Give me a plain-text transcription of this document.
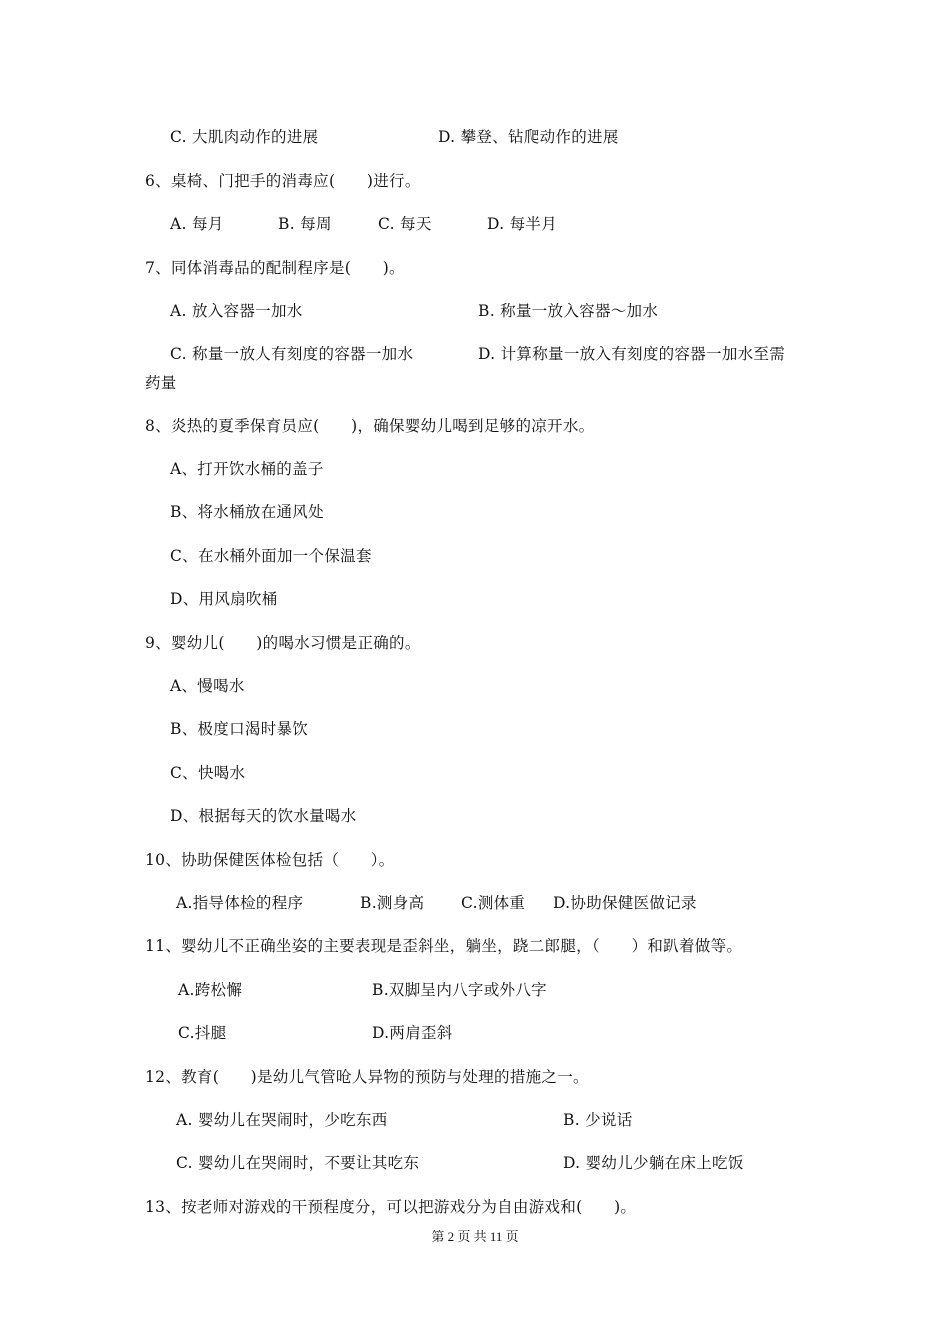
C. 大肌肉动作的进展	D. 攀登、钻爬动作的进展
6、桌椅、门把手的消毒应(　　)进行。
A. 每月	B. 每周	C. 每天	D. 每半月
7、同体消毒品的配制程序是(　　)。
A. 放入容器一加水	B. 称量一放入容器～加水
C. 称量一放人有刻度的容器一加水	D. 计算称量一放入有刻度的容器一加水至需
药量
8、炎热的夏季保育员应(　　)，确保婴幼儿喝到足够的凉开水。
A、打开饮水桶的盖子
B、将水桶放在通风处
C、在水桶外面加一个保温套
D、用风扇吹桶
9、婴幼儿(　　)的喝水习惯是正确的。
A、慢喝水
B、极度口渴时暴饮
C、快喝水
D、根据每天的饮水量喝水
10、协助保健医体检包括（　　）。
A.指导体检的程序	B.测身高 C.测体重 D.协助保健医做记录
11、婴幼儿不正确坐姿的主要表现是歪斜坐，躺坐，跷二郎腿，（　　）和趴着做等。
A.跨松懈	B.双脚呈内八字或外八字
C.抖腿	D.两肩歪斜
12、教育(　　)是幼儿气管呛人异物的预防与处理的措施之一。
A. 婴幼儿在哭闹时，少吃东西	B. 少说话
C. 婴幼儿在哭闹时，不要让其吃东	D. 婴幼儿少躺在床上吃饭
13、按老师对游戏的干预程度分，可以把游戏分为自由游戏和(　　)。
第 2 页 共 11 页
